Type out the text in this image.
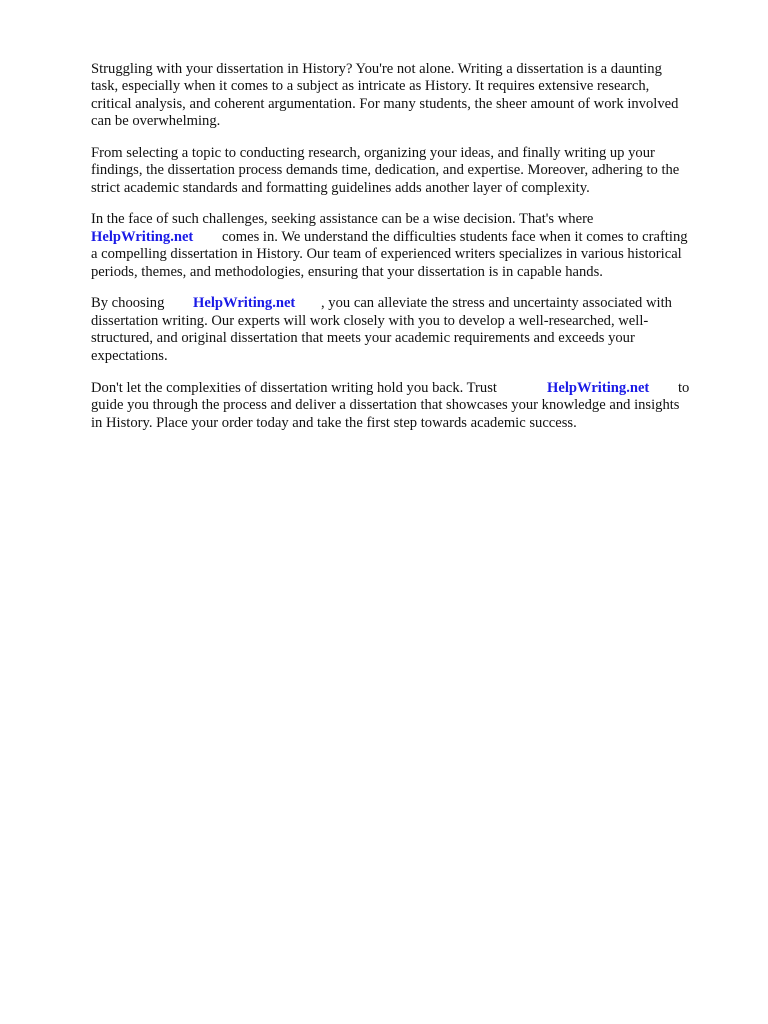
Struggling with your dissertation in History? You're not alone. Writing a dissertation is a daunting

task, especially when it comes to a subject as intricate as History. It requires extensive research,

critical analysis, and coherent argumentation. For many students, the sheer amount of work involved

can be overwhelming.

From selecting a topic to conducting research, organizing your ideas, and finally writing up your

findings, the dissertation process demands time, dedication, and expertise. Moreover, adhering to the

strict academic standards and formatting guidelines adds another layer of complexity.

In the face of such challenges, seeking assistance can be a wise decision. That's where

HelpWriting.net comes in. We understand the difficulties students face when it comes to crafting

a compelling dissertation in History. Our team of experienced writers specializes in various historical

periods, themes, and methodologies, ensuring that your dissertation is in capable hands.

By choosing HelpWriting.net , you can alleviate the stress and uncertainty associated with

dissertation writing. Our experts will work closely with you to develop a well-researched, well-

structured, and original dissertation that meets your academic requirements and exceeds your

expectations.

Don't let the complexities of dissertation writing hold you back. Trust	HelpWriting.net to

guide you through the process and deliver a dissertation that showcases your knowledge and insights

in History. Place your order today and take the first step towards academic success.
